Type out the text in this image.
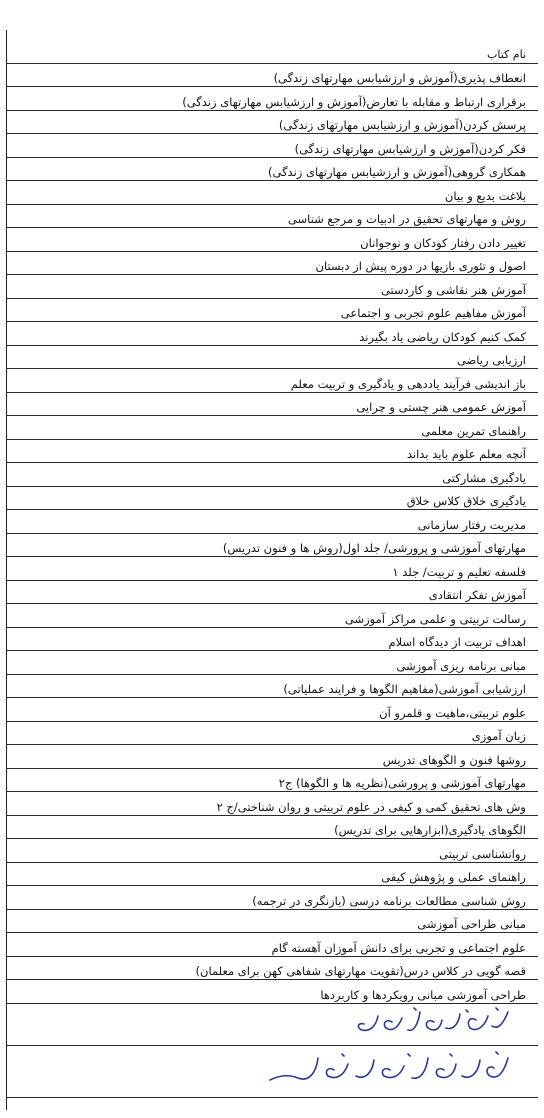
نام کتاب
انعطاف پذیری(آموزش و ارزشیابس مهارتهای زندگی)
برقراری ارتباط و مقابله با تعارض(آموزش و ارزشیابس مهارتهای زندگی)
پرسش کردن(آموزش و ارزشیابس مهارتهای زندگی)
فکر کردن(آموزش و ارزشیابس مهارتهای زندگی)
همکاری گروهی(آموزش و ارزشیابس مهارتهای زندگی)
بلاغت بدیع و بیان
روش و مهارتهای تحقیق در ادبیات و مرجع شناسی
تغییر دادن رفتار کودکان و نوجوانان
اصول و تئوری بازیها در دوره پیش از دبستان
آموزش هنر نقاشی و کاردستی
آموزش مفاهیم علوم تجربی و اجتماعی
کمک کنیم کودکان ریاضی یاد بگیرند
ارزیابی ریاضی
باز اندیشی فرآیند یاددهی و یادگیری و تربیت معلم
آموزش عمومی هنر چستی و چرایی
راهنمای تمرین معلمی
آنچه معلم علوم باید بداند
یادگیری مشارکتی
یادگیری خلاق کلاس خلاق
مدیریت رفتار سازمانی
مهارتهای آموزشی و پرورشی/ جلد اول(روش ها و فنون تدریس)
فلسفه تعلیم و تربیت/ جلد ۱
آموزش تفکر انتقادی
رسالت تربیتی و علمی مراکز آموزشی
اهداف تربیت از دیدگاه اسلام
مبانی برنامه ریزی آموزشی
ارزشیابی آموزشی(مفاهیم الگوها و فرایند عملیاتی)
علوم تربیتی،ماهیت و قلمرو آن
زبان آموزی
روشها فنون و الگوهای تدریس
مهارتهای آموزشی و پرورشی(نظریه ها و الگوها) ج۲
وش های تحقیق کمی و کیفی در علوم تربیتی و روان شناختی/ج ۲
الگوهای یادگیری(ابزارهایی برای تدریس)
روانشناسی تربیتی
راهنمای عملی و پژوهش کیفی
روش شناسی مطالعات برنامه درسی (بازنگری در ترجمه)
مبانی طراحی آموزشی
علوم اجتماعی و تجربی برای دانش آموزان آهسته گام
قصه گویی در کلاس درس(تقویت مهارتهای شفاهی کهن برای معلمان)
طراحی آموزشی مبانی رویکردها و کاربردها
